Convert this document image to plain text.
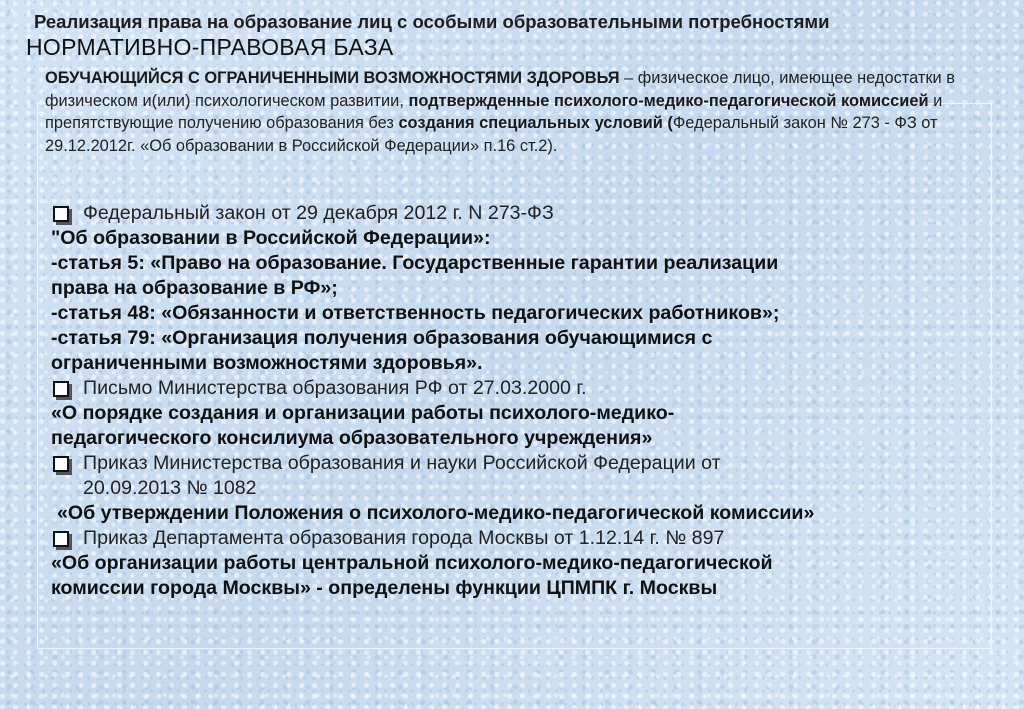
Реализация права на образование лиц с особыми образовательными потребностями
НОРМАТИВНО-ПРАВОВАЯ БАЗА
ОБУЧАЮЩИЙСЯ С ОГРАНИЧЕННЫМИ ВОЗМОЖНОСТЯМИ ЗДОРОВЬЯ – физическое лицо, имеющее недостатки в физическом и(или) психологическом развитии, подтвержденные психолого-медико-педагогической комиссией и препятствующие получению образования без создания специальных условий (Федеральный закон № 273 - ФЗ от 29.12.2012г. «Об образовании в Российской Федерации» п.16 ст.2).
Федеральный закон от 29 декабря 2012 г. N 273-ФЗ
"Об образовании в Российской Федерации»:
-статья 5: «Право на образование. Государственные гарантии реализации
права на образование в РФ»;
-статья 48: «Обязанности и ответственность педагогических работников»;
-статья 79: «Организация получения образования обучающимися с
ограниченными возможностями здоровья».
Письмо Министерства образования РФ от 27.03.2000 г.
«О порядке создания и организации работы психолого-медико-
педагогического консилиума образовательного учреждения»
Приказ Министерства образования и науки Российской Федерации от
20.09.2013 № 1082
«Об утверждении Положения о психолого-медико-педагогической комиссии»
Приказ Департамента образования города Москвы от 1.12.14 г. № 897
«Об организации работы центральной психолого-медико-педагогической
комиссии города Москвы» - определены функции ЦПМПК г. Москвы
